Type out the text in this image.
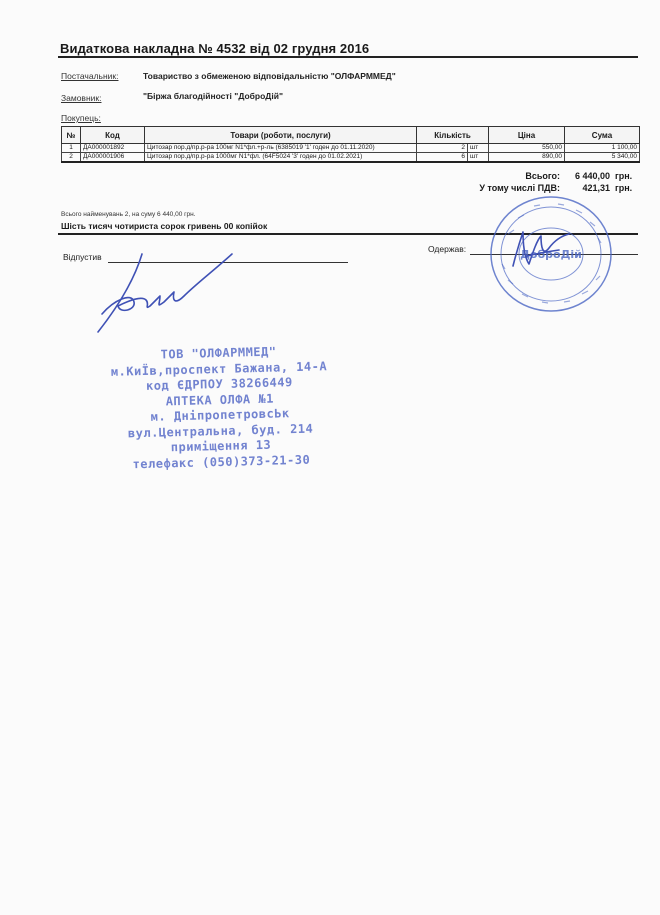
Видаткова накладна № 4532 від 02 грудня 2016
Постачальник:	Товариство з обмеженою відповідальністю "ОЛФАРММЕД"
Замовник:	"Біржа благодійності "ДоброДій"
Покупець:
№	Код	Товари (роботи, послуги)	Кількість	Ціна	Сума
1	ДА000001892	Цитозар пор.д/пр.р-ра 100мг N1*фл.+р-ль (6385019 '1' годен до 01.11.2020)	2 шт	550,00	1 100,00
2	ДА000001906	Цитозар пор.д/пр.р-ра 1000мг N1*фл. (64F5024 '3' годен до 01.02.2021)	6 шт	890,00	5 340,00
Всього:	6 440,00 грн.
У тому числі ПДВ:	421,31 грн.
Всього найменувань 2, на суму 6 440,00 грн.
Шість тисяч чотириста сорок гривень 00 копійок
Відпустив
Одержав:	ДоброДій
ТОВ "ОЛФАРММЕД"
м.КиЇв,проспект Бажана, 14-А
код ЄДРПОУ 38266449
АПТЕКА ОЛФА №1
м. ДніпропетровсЬк
вул.Центральна, буд. 214
приміщення 13
телефакс (050)373-21-30
